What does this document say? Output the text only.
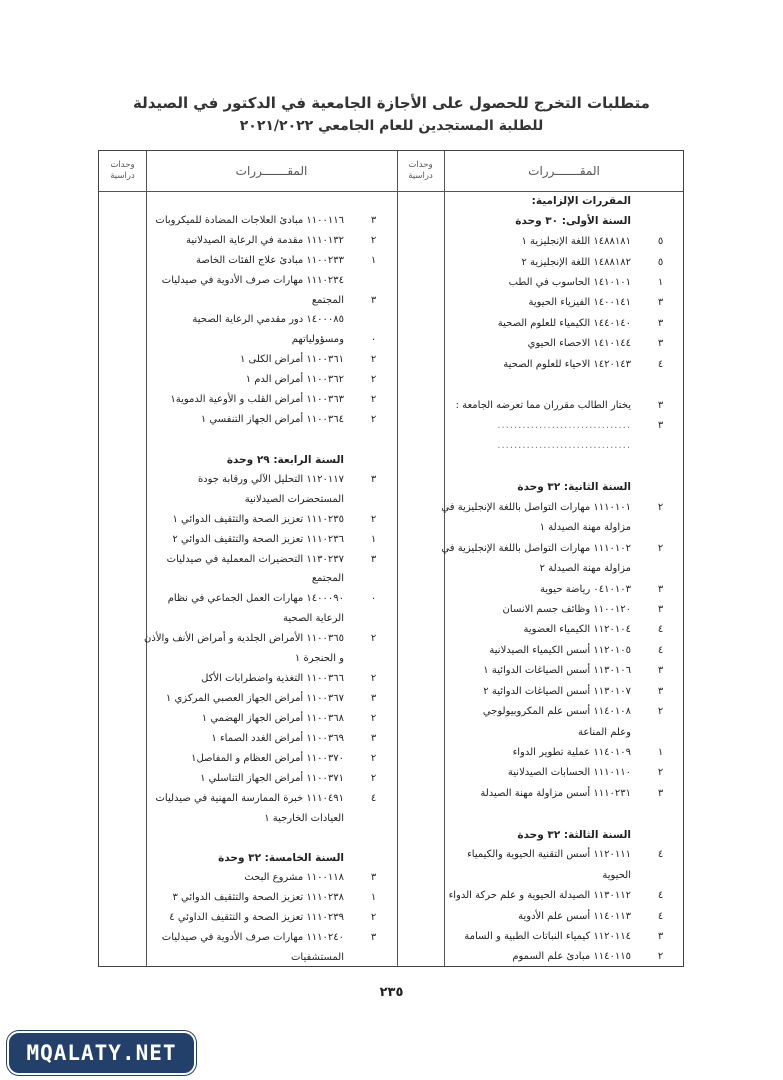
متطلبات التخرج للحصول على الأجازة الجامعية في الدكتور في الصيدلة
للطلبة المستجدين للعام الجامعي ٢٠٢١/٢٠٢٢
المقـــــــررات
وحدات دراسية
المقـــــــررات
وحدات دراسية
المقررات الإلزامية:
السنة الأولى: ٣٠ وحدة
١٤٨٨١٨١ اللغة الإنجليزية ١	٥
١٤٨٨١٨٢ اللغة الإنجليزية ٢	٥
١٤١٠١٠١ الحاسوب في الطب	١
١٤٠٠١٤١ الفيزياء الحيوية	٣
١٤٤٠١٤٠ الكيمياء للعلوم الصحية	٣
١٤١٠١٤٤ الاحصاء الحيوي	٣
١٤٢٠١٤٣ الاحياء للعلوم الصحية	٤
يختار الطالب مقرران مما تعرضه الجامعة :	٣
................................	٣
................................
السنة الثانية: ٣٢ وحدة
١١١٠١٠١ مهارات التواصل باللغة الإنجليزية في	٢
مزاولة مهنة الصيدلة ١
١١١٠١٠٢ مهارات التواصل باللغة الإنجليزية في	٢
مزاولة مهنة الصيدلة ٢
٠٤١٠١٠٣ رياضة حيوية	٣
١١٠٠١٢٠ وظائف جسم الانسان	٣
١١٢٠١٠٤ الكيمياء العضوية	٤
١١٢٠١٠٥ أسس الكيمياء الصيدلانية	٤
١١٣٠١٠٦ أسس الصياغات الدوائية ١	٣
١١٣٠١٠٧ أسس الصياغات الدوائية ٢	٣
١١٤٠١٠٨ أسس علم المكروبيولوجي	٢
وعلم المناعة
١١٤٠١٠٩ عملية تطوير الدواء	١
١١١٠١١٠ الحسابات الصيدلانية	٢
١١١٠٢٣١ أسس مزاولة مهنة الصيدلة	٣
السنة الثالثة: ٣٢ وحدة
١١٢٠١١١ أسس التقنية الحيوية والكيمياء	٤
الحيوية
١١٣٠١١٢ الصيدلة الحيوية و علم حركة الدواء	٤
١١٤٠١١٣ أسس علم الأدوية	٤
١١٢٠١١٤ كيمياء النباتات الطبية و السامة	٣
١١٤٠١١٥ مبادئ علم السموم	٢
١١٠٠١١٦ مبادئ العلاجات المضادة للميكروبات	٣
١١١٠١٣٢ مقدمة في الرعاية الصيدلانية	٢
١١٠٠٢٣٣ مبادئ علاج الفئات الخاصة	١
١١١٠٢٣٤ مهارات صرف الأدوية في صيدليات
المجتمع	٣
١٤٠٠٠٨٥ دور مقدمي الرعاية الصحية
ومسؤولياتهم	٠
١١٠٠٣٦١ أمراض الكلى ١	٢
١١٠٠٣٦٢ أمراض الدم ١	٢
١١٠٠٣٦٣ أمراض القلب و الأوعية الدموية١	٢
١١٠٠٣٦٤ أمراض الجهاز التنفسي ١	٢
السنة الرابعة: ٢٩ وحدة
١١٢٠١١٧ التحليل الآلي ورقابة جودة	٣
المستحضرات الصيدلانية
١١١٠٢٣٥ تعزيز الصحة والتثقيف الدوائي ١	٢
١١١٠٢٣٦ تعزيز الصحة والتثقيف الدوائي ٢	١
١١٣٠٢٣٧ التحضيرات المعملية في صيدليات	٣
المجتمع
١٤٠٠٠٩٠ مهارات العمل الجماعي في نظام	٠
الرعاية الصحية
١١٠٠٣٦٥ الأمراض الجلدية و أمراض الأنف والأذن	٢
و الحنجرة ١
١١٠٠٣٦٦ التغذية واضطرابات الأكل	٢
١١٠٠٣٦٧ أمراض الجهاز العصبي المركزي ١	٣
١١٠٠٣٦٨ أمراض الجهاز الهضمي ١	٢
١١٠٠٣٦٩ أمراض الغدد الصماء ١	٣
١١٠٠٣٧٠ أمراض العظام و المفاصل١	٢
١١٠٠٣٧١ أمراض الجهاز التناسلي ١	٢
١١١٠٤٩١ خبرة الممارسة المهنية في صيدليات	٤
العيادات الخارجية ١
السنة الخامسة: ٣٢ وحدة
١١٠٠١١٨ مشروع البحث	٣
١١١٠٢٣٨ تعزيز الصحة والتثقيف الدوائي ٣	١
١١١٠٢٣٩ تعزيز الصحة و التثقيف الداوئي ٤	٢
١١١٠٢٤٠ مهارات صرف الأدوية في صيدليات	٣
المستشفيات
٢٣٥
MQALATY.NET
